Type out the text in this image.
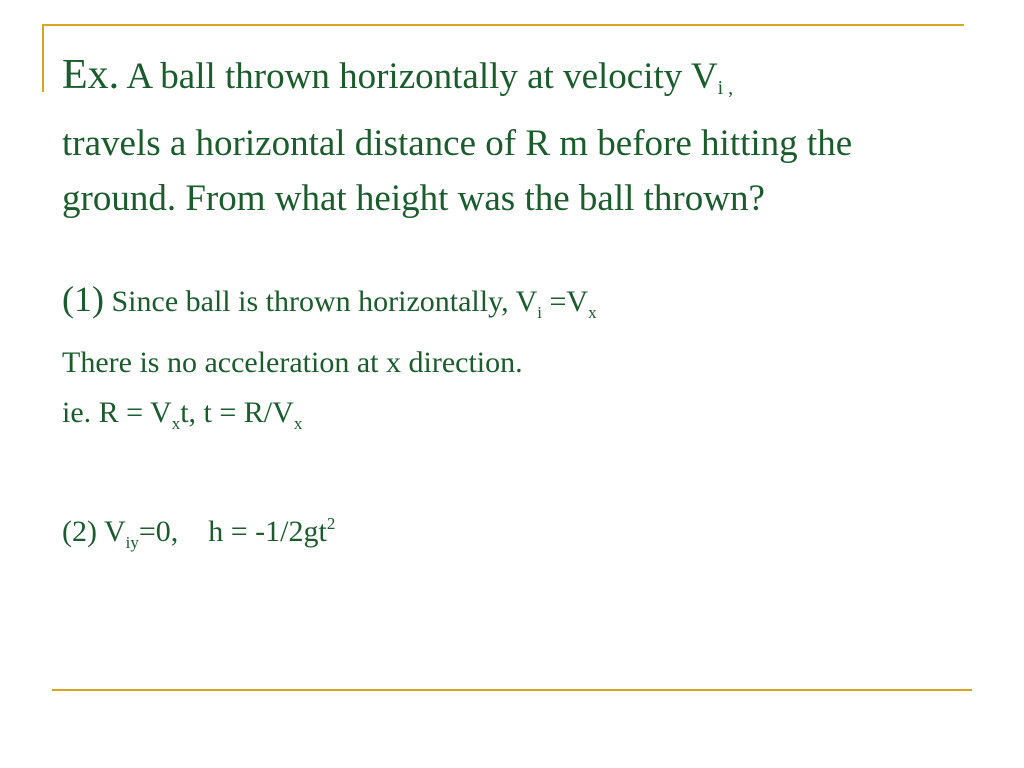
Ex. A ball thrown horizontally at velocity Vi ,
travels a horizontal distance of R m before hitting the ground. From what height was the ball thrown?

(1) Since ball is thrown horizontally, $V_i =V_x$
There is no acceleration at x direction.
ie. $R = V_xt$, $t = R/V_x$
(2) $V_{iy}=0$,    $h = -1/2gt^2$
